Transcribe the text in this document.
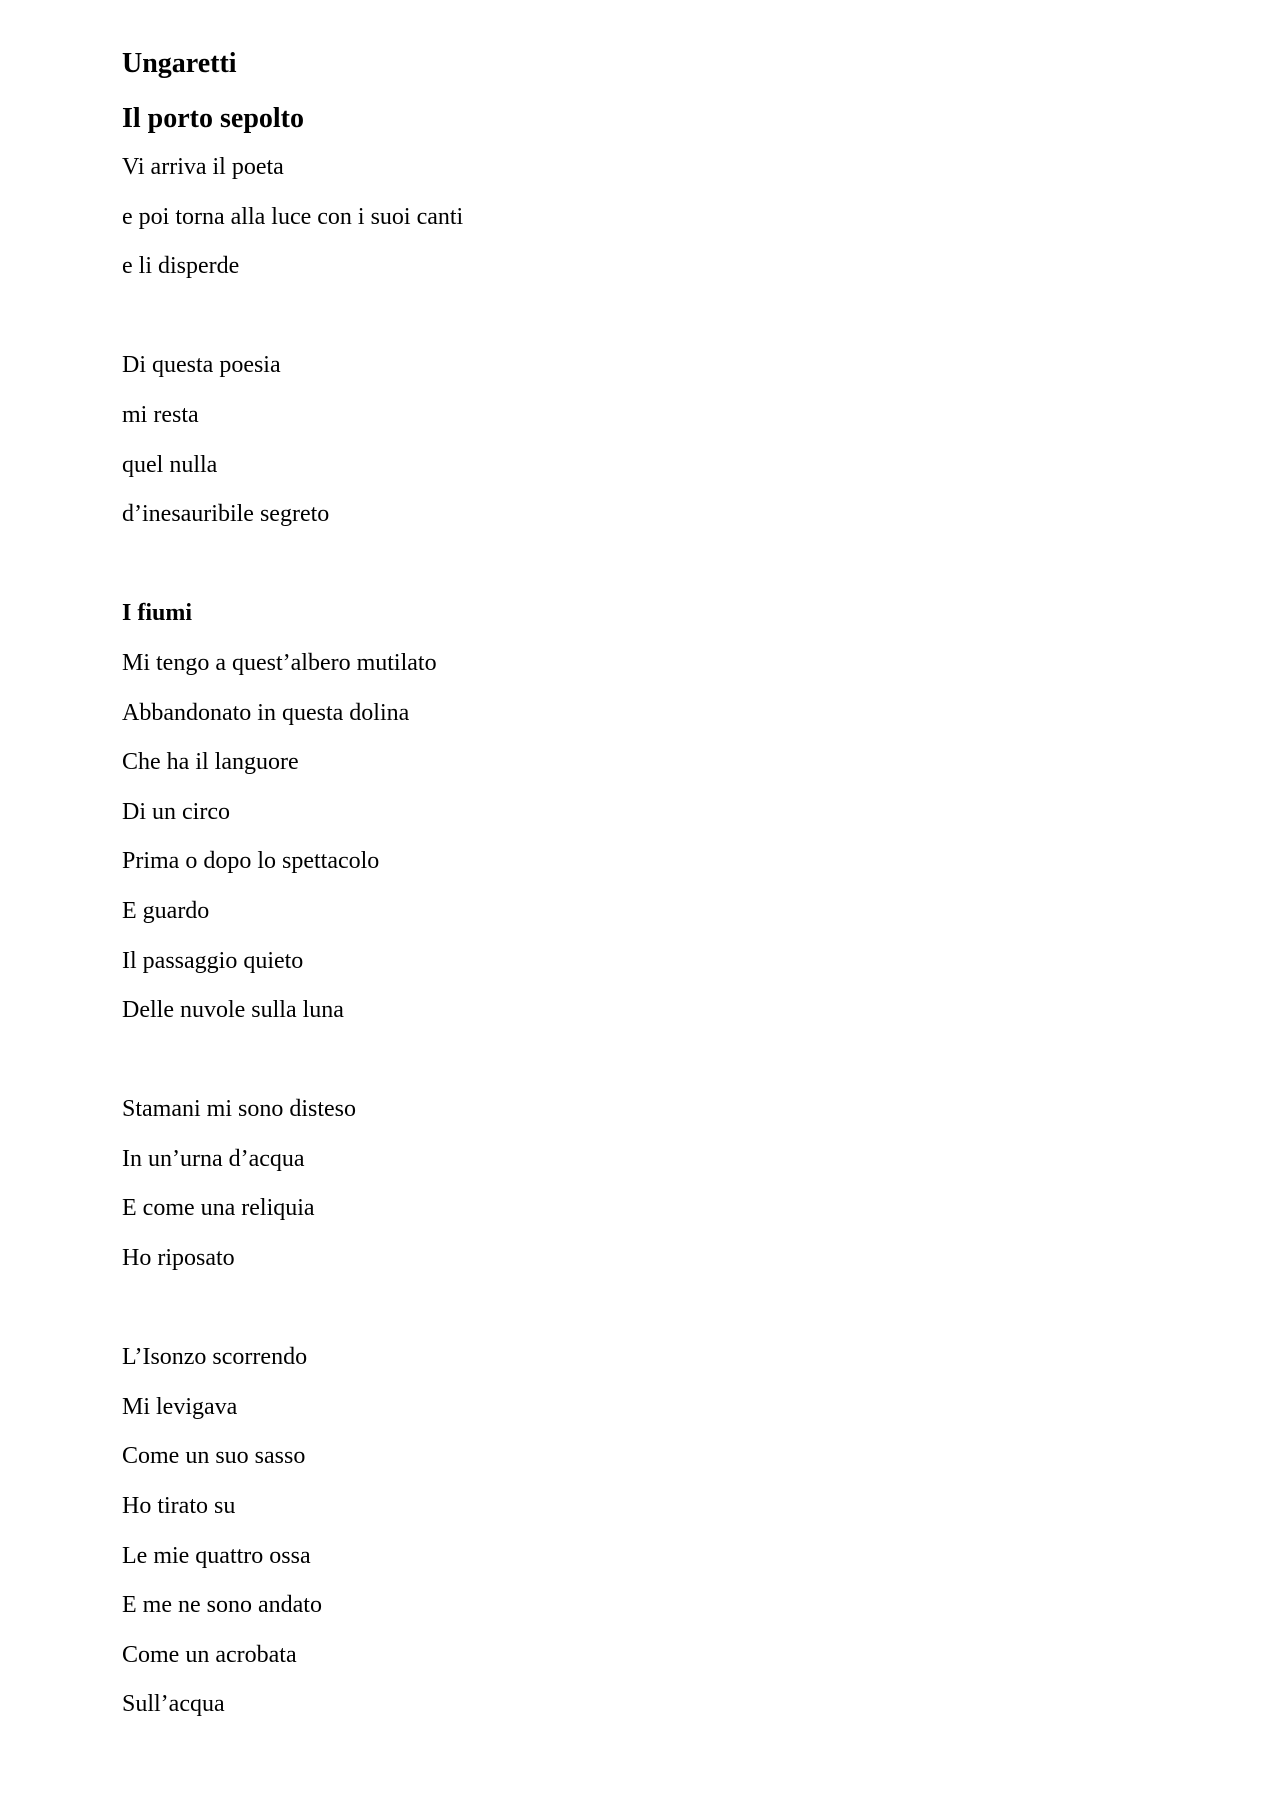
Ungaretti
Il porto sepolto
Vi arriva il poeta
e poi torna alla luce con i suoi canti
e li disperde
Di questa poesia
mi resta
quel nulla
d’inesauribile segreto
I fiumi
Mi tengo a quest’albero mutilato
Abbandonato in questa dolina
Che ha il languore
Di un circo
Prima o dopo lo spettacolo
E guardo
Il passaggio quieto
Delle nuvole sulla luna
Stamani mi sono disteso
In un’urna d’acqua
E come una reliquia
Ho riposato
L’Isonzo scorrendo
Mi levigava
Come un suo sasso
Ho tirato su
Le mie quattro ossa
E me ne sono andato
Come un acrobata
Sull’acqua
